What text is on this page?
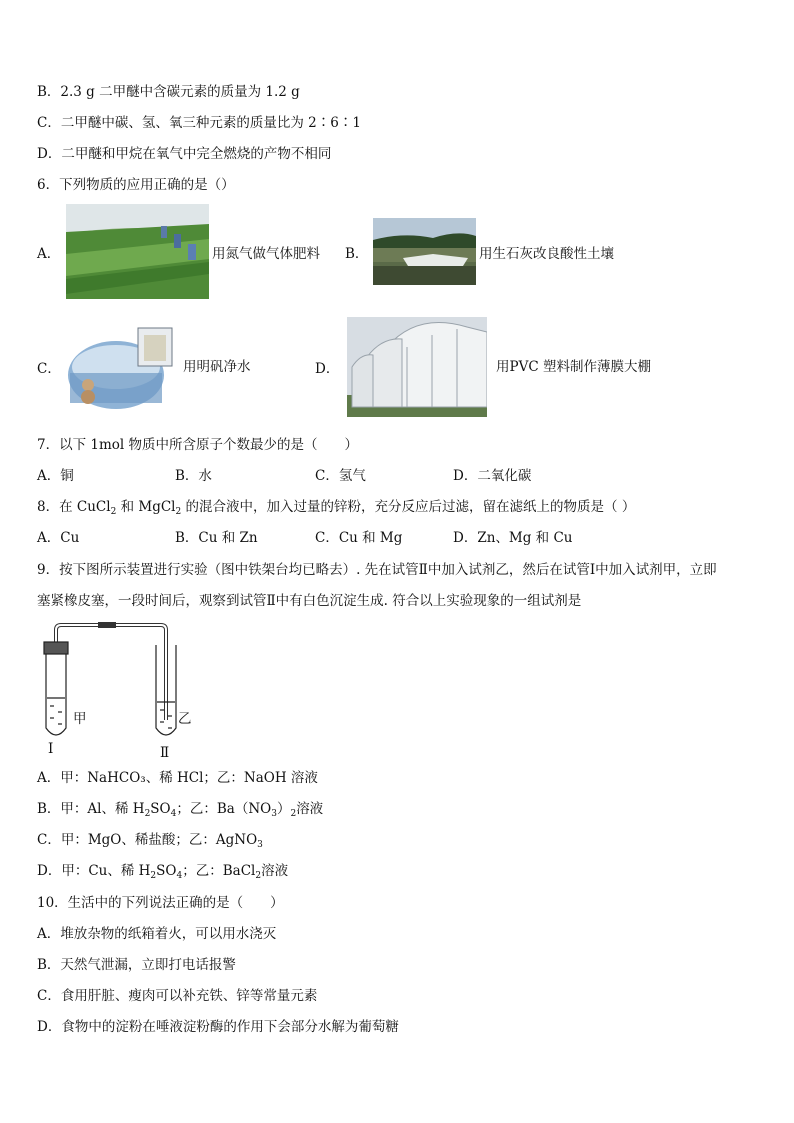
B．2.3 g 二甲醚中含碳元素的质量为 1.2 g
C．二甲醚中碳、氢、氧三种元素的质量比为 2∶6∶1
D．二甲醚和甲烷在氧气中完全燃烧的产物不相同
6．下列物质的应用正确的是（）
A．	用氮气做气体肥料 B．	用生石灰改良酸性土壤
C．	用明矾净水	D．	用PVC 塑料制作薄膜大棚
7．以下 1mol 物质中所含原子个数最少的是（　　）
A．铜	B．水	C．氢气	D．二氧化碳
8．在 CuCl$_2$ 和 MgCl$_2$ 的混合液中，加入过量的锌粉，充分反应后过滤，留在滤纸上的物质是（ ）
A．Cu	B．Cu 和 Zn	C．Cu 和 Mg	D．Zn、Mg 和 Cu
9．按下图所示装置进行实验（图中铁架台均已略去）. 先在试管Ⅱ中加入试剂乙，然后在试管Ⅰ中加入试剂甲，立即
塞紧橡皮塞，一段时间后，观察到试管Ⅱ中有白色沉淀生成. 符合以上实验现象的一组试剂是
甲	乙
Ⅰ	Ⅱ
A．甲：NaHCO₃、稀 HCl；乙：NaOH 溶液
B．甲：Al、稀 $H_2SO_4$；乙：$Ba(NO_3)_2$溶液
C．甲：MgO、稀盐酸；乙：AgNO$_3$
D．甲：Cu、稀 $H_2SO_4$；乙：BaCl$_2$溶液
10．生活中的下列说法正确的是（　　）
A．堆放杂物的纸箱着火，可以用水浇灭
B．天然气泄漏，立即打电话报警
C．食用肝脏、瘦肉可以补充铁、锌等常量元素
D．食物中的淀粉在唾液淀粉酶的作用下会部分水解为葡萄糖
